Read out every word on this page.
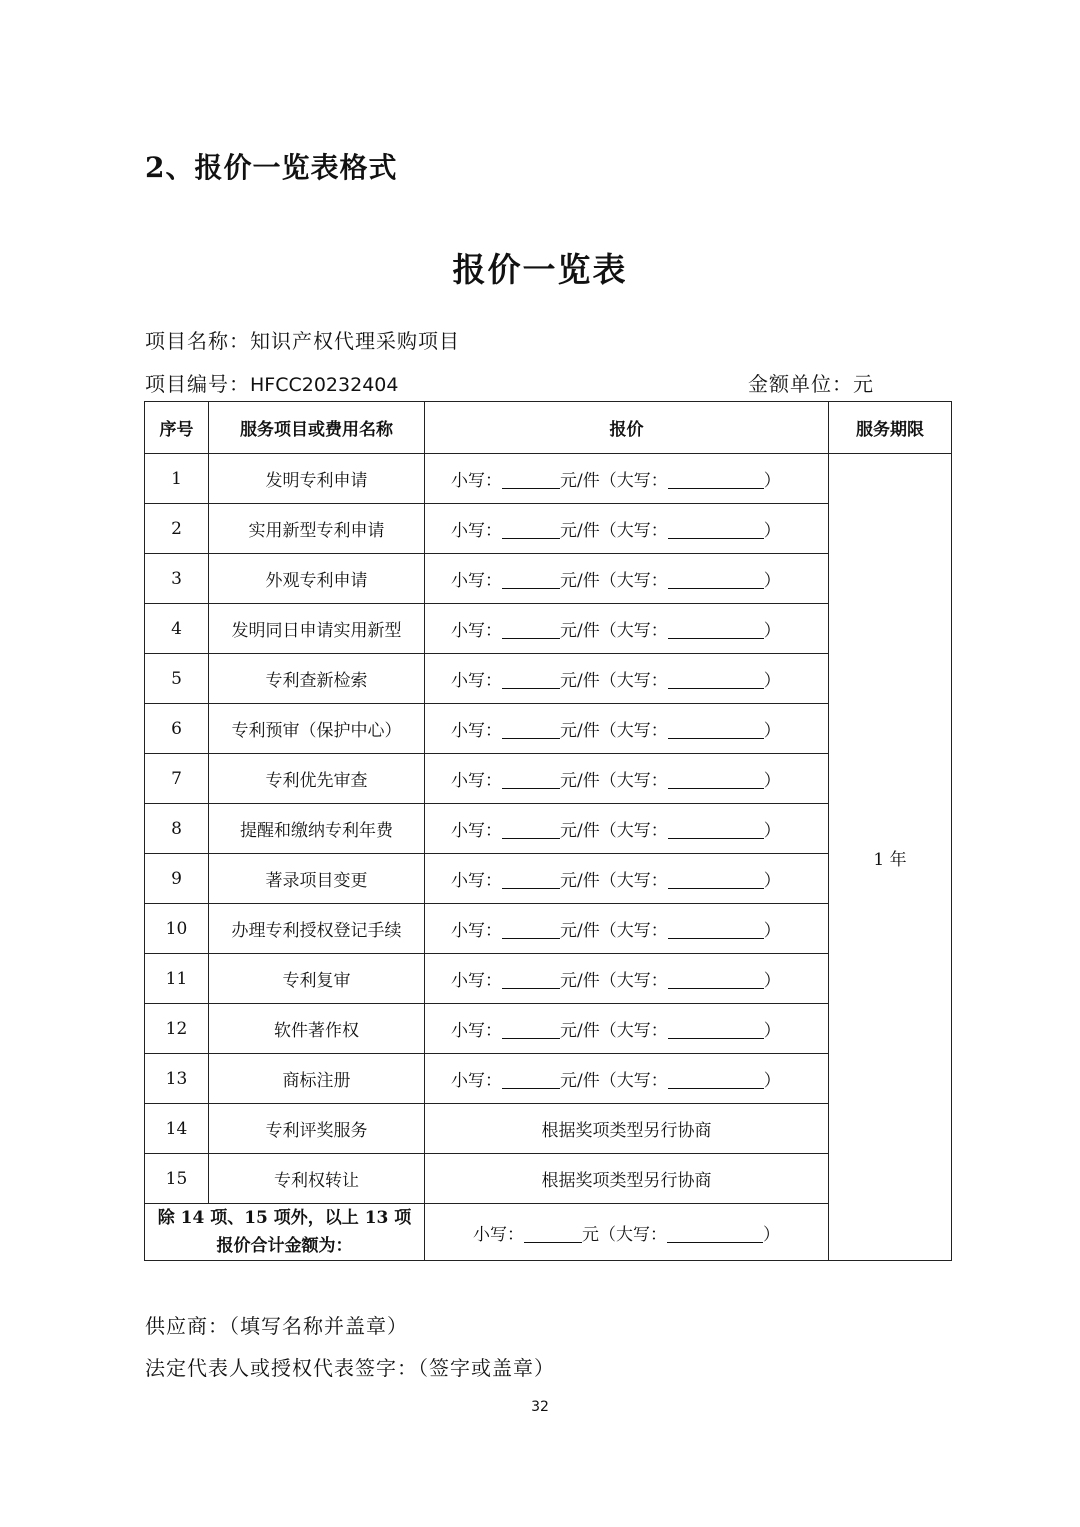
2、报价一览表格式
报价一览表
项目名称：知识产权代理采购项目
项目编号：HFCC20232404	金额单位：元
序号	服务项目或费用名称	报价	服务期限
1	发明专利申请	小写： 元/件（大写： ）	1 年
2	实用新型专利申请	小写： 元/件（大写： ）	
3	外观专利申请	小写： 元/件（大写： ）	
4	发明同日申请实用新型	小写： 元/件（大写： ）	
5	专利查新检索	小写： 元/件（大写： ）	
6	专利预审（保护中心）	小写： 元/件（大写： ）	
7	专利优先审查	小写： 元/件（大写： ）	
8	提醒和缴纳专利年费	小写： 元/件（大写： ）	
9	著录项目变更	小写： 元/件（大写： ）	
10	办理专利授权登记手续	小写： 元/件（大写： ）	
11	专利复审	小写： 元/件（大写： ）	
12	软件著作权	小写： 元/件（大写： ）	
13	商标注册	小写： 元/件（大写： ）	
14	专利评奖服务	根据奖项类型另行协商	
15	专利权转让	根据奖项类型另行协商	
除 14 项、15 项外，以上 13 项
报价合计金额为：		小写： 元（大写： ）	
供应商：（填写名称并盖章）
法定代表人或授权代表签字：（签字或盖章）
32
